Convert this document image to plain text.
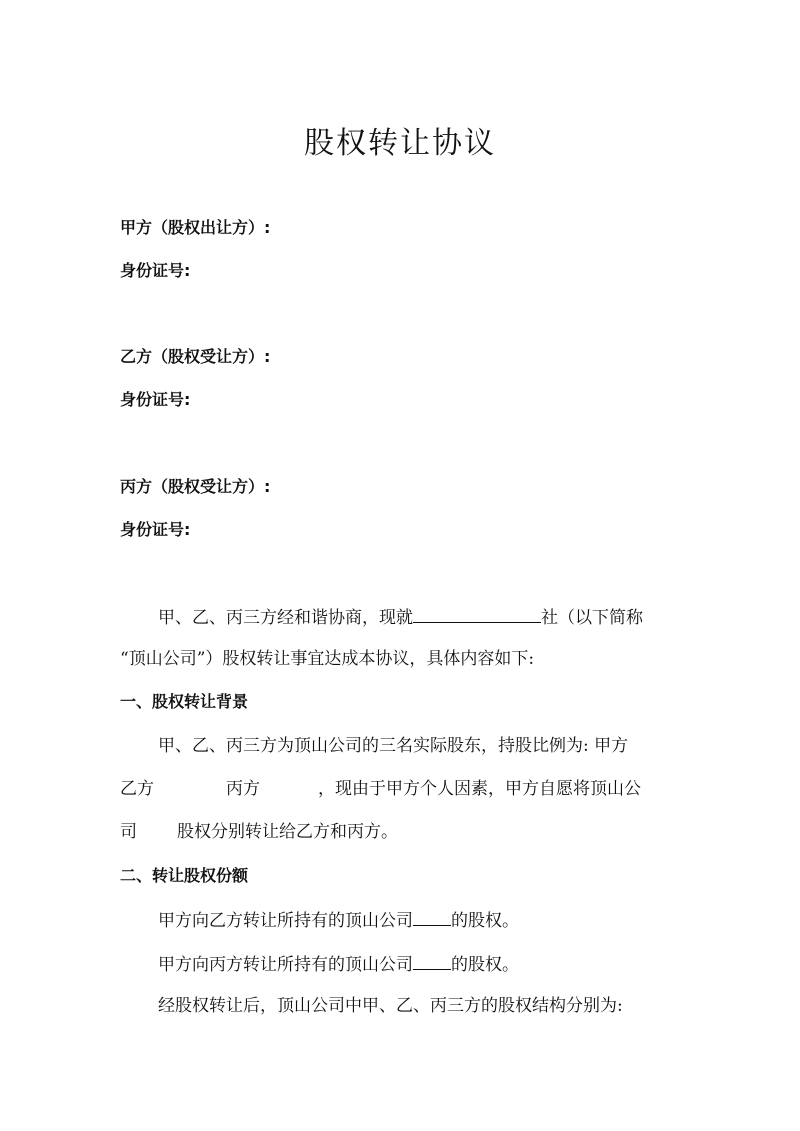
股权转让协议
甲方（股权出让方）:
身份证号:
乙方（股权受让方）:
身份证号:
丙方（股权受让方）:
身份证号:
甲、乙、丙三方经和谐协商，现就	社（以下简称
“顶山公司”）股权转让事宜达成本协议，具体内容如下:
一、股权转让背景
甲、乙、丙三方为顶山公司的三名实际股东，持股比例为: 甲方
乙方	丙方	，现由于甲方个人因素，甲方自愿将顶山公
司 股权分别转让给乙方和丙方。
二、转让股权份额
甲方向乙方转让所持有的顶山公司 的股权。
甲方向丙方转让所持有的顶山公司 的股权。
经股权转让后，顶山公司中甲、乙、丙三方的股权结构分别为:
